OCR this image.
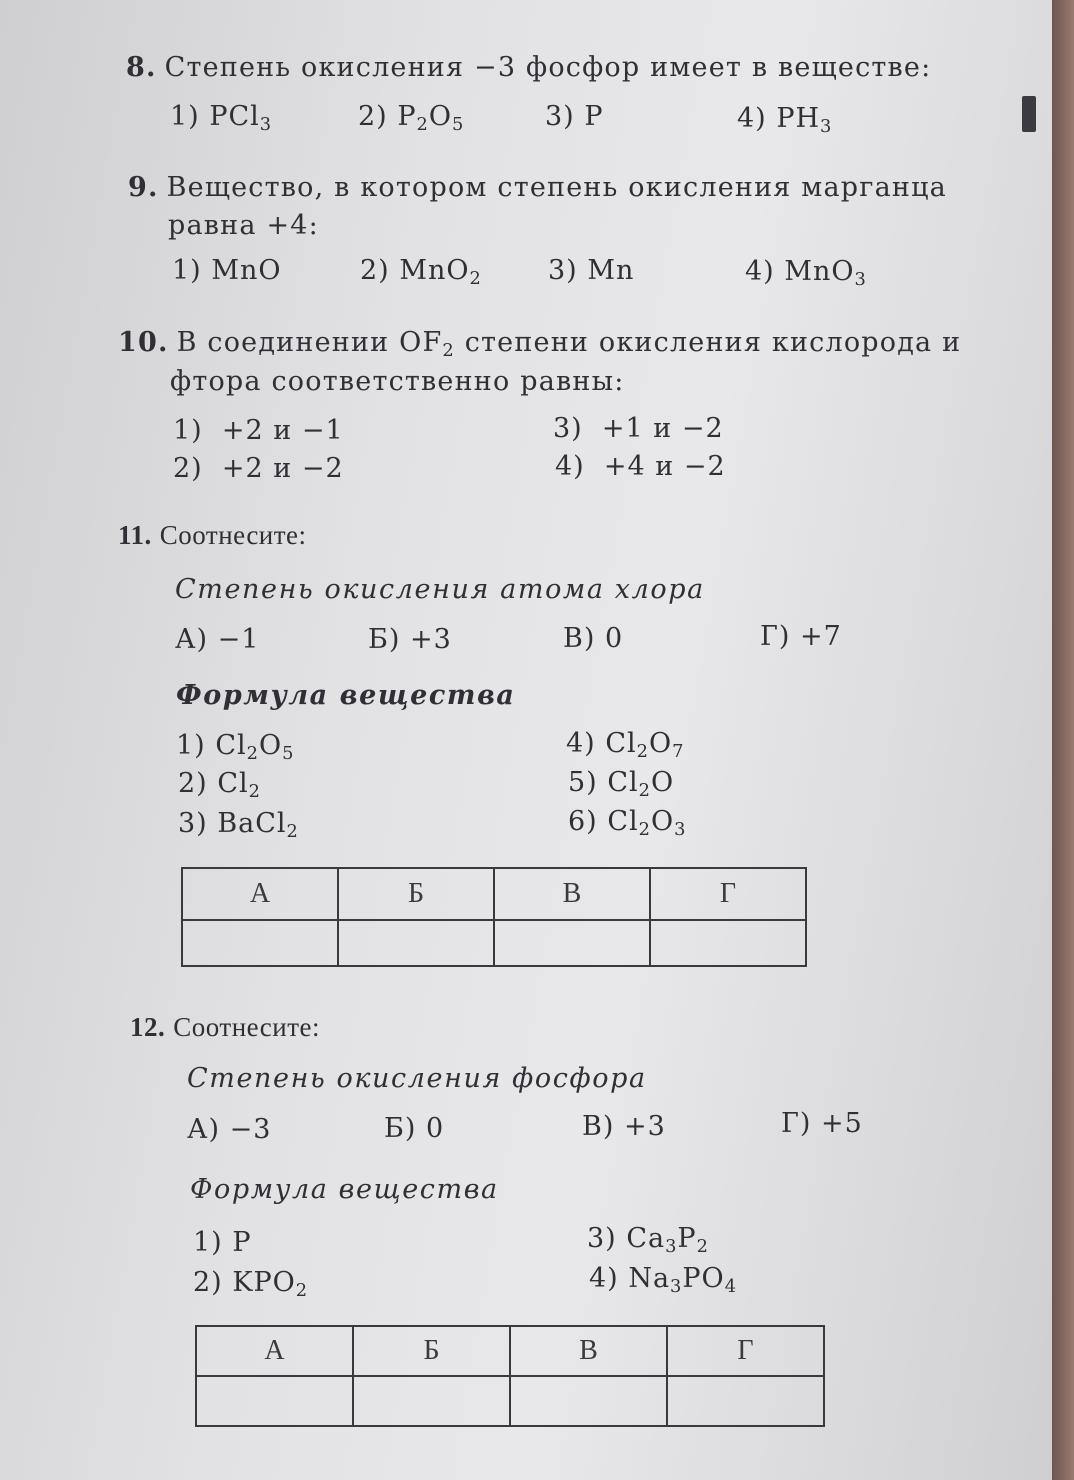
8. Степень окисления −3 фосфор имеет в веществе:
1) PCl$_3$	2) $P_2O_5$	3) P	4) $PH_3$
9. Вещество, в котором степень окисления марганца
равна +4:
1) MnO	2) MnO$_2$ 3) Mn	4) MnO$_3$
10. В соединении $OF_2$ степени окисления кислорода и
фтора соответственно равны:
1) +2 и −1
2) +2 и −2
3) +1 и −2
4) +4 и −2
11. Соотнесите:
Степень окисления атома хлора
А) −1	Б) +3	В) 0	Г) +7
Формула вещества
1) $Cl_2O_5$
2) $Cl_2$
3) BaCl$_2$
4) $Cl_2O_7$
5) $Cl_2O$
6) $Cl_2O_3$
А	Б	В	Г

12. Соотнесите:
Степень окисления фосфора
А) −3	Б) 0	В) +3	Г) +5
Формула вещества
1) P
2) $KPO_2$
3) $Ca_3P_2$
4) $Na_3PO_4$
А	Б	В	Г
